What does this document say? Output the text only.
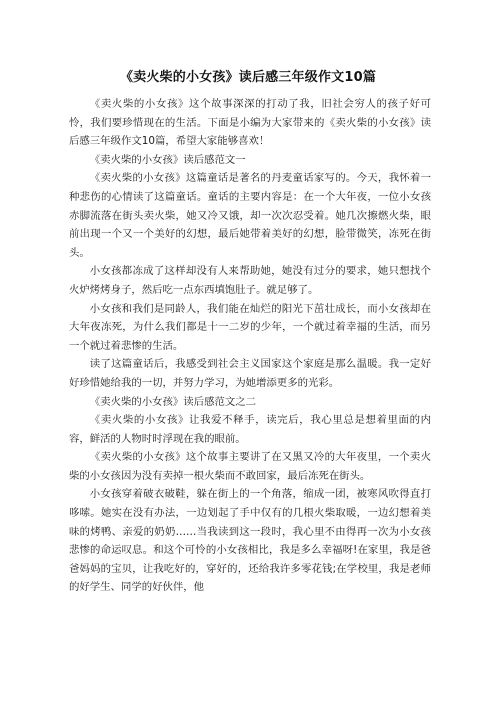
《卖火柴的小女孩》读后感三年级作文10篇

《卖火柴的小女孩》这个故事深深的打动了我，旧社会穷人的孩子好可怜，我们要珍惜现在的生活。下面是小编为大家带来的《卖火柴的小女孩》读后感三年级作文10篇，希望大家能够喜欢！

《卖火柴的小女孩》读后感范文一

《卖火柴的小女孩》这篇童话是著名的丹麦童话家写的。今天，我怀着一种悲伤的心情读了这篇童话。童话的主要内容是：在一个大年夜，一位小女孩赤脚流落在街头卖火柴，她又冷又饿，却一次次忍受着。她几次擦燃火柴，眼前出现一个又一个美好的幻想，最后她带着美好的幻想，脸带微笑，冻死在街头。

小女孩都冻成了这样却没有人来帮助她，她没有过分的要求，她只想找个火炉烤烤身子，然后吃一点东西填饱肚子。就足够了。

小女孩和我们是同龄人，我们能在灿烂的阳光下茁壮成长，而小女孩却在大年夜冻死，为什么我们都是十一二岁的少年，一个就过着幸福的生活，而另一个就过着悲惨的生活。

读了这篇童话后，我感受到社会主义国家这个家庭是那么温暖。我一定好好珍惜她给我的一切，并努力学习，为她增添更多的光彩。

《卖火柴的小女孩》读后感范文之二

《卖火柴的小女孩》让我爱不释手，读完后，我心里总是想着里面的内容，鲜活的人物时时浮现在我的眼前。

《卖火柴的小女孩》这个故事主要讲了在又黑又冷的大年夜里，一个卖火柴的小女孩因为没有卖掉一根火柴而不敢回家，最后冻死在街头。

小女孩穿着破衣破鞋，躲在街上的一个角落，缩成一团，被寒风吹得直打哆嗦。她实在没有办法，一边划起了手中仅有的几根火柴取暖，一边幻想着美味的烤鸭、亲爱的奶奶……当我读到这一段时，我心里不由得再一次为小女孩悲惨的命运叹息。和这个可怜的小女孩相比，我是多么幸福呀!在家里，我是爸爸妈妈的宝贝，让我吃好的，穿好的，还给我许多零花钱;在学校里，我是老师的好学生、同学的好伙伴，他
